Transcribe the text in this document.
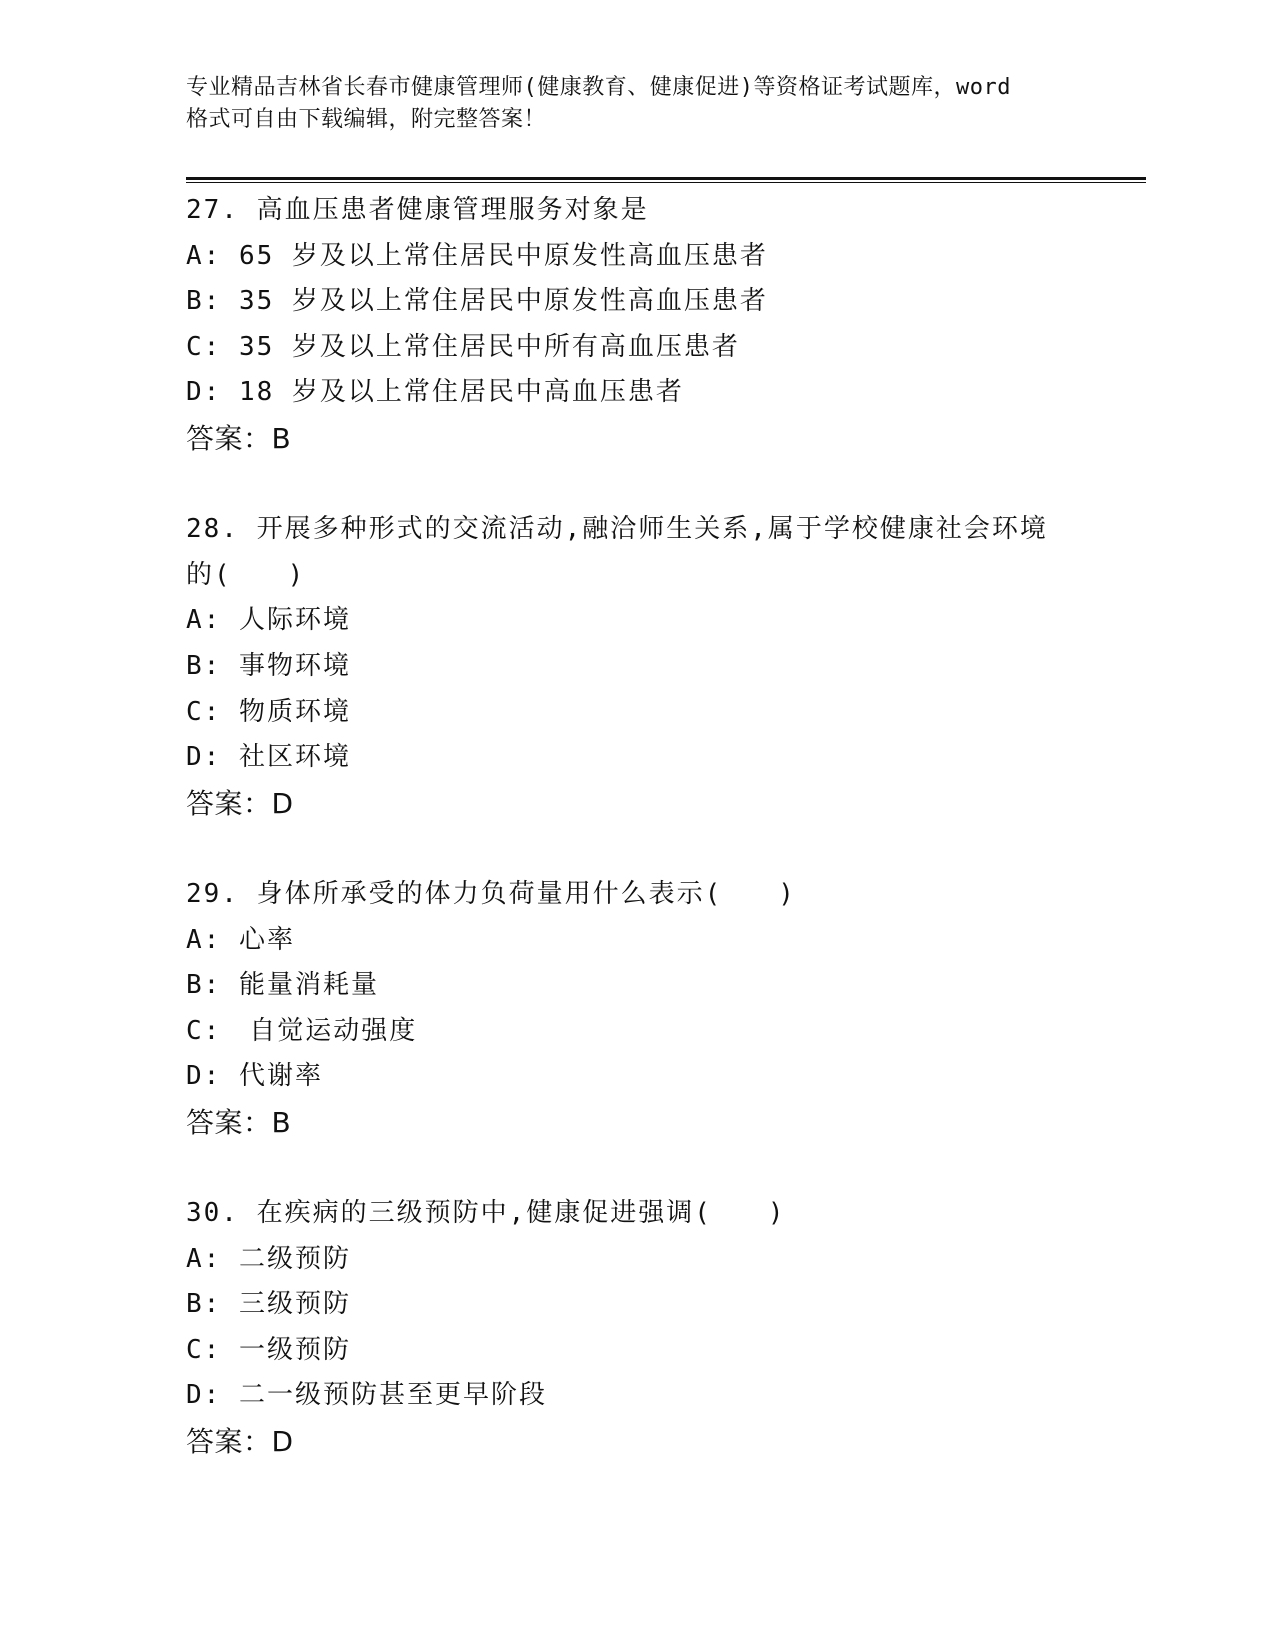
专业精品吉林省长春市健康管理师(健康教育、健康促进)等资格证考试题库，word
格式可自由下载编辑，附完整答案！
27. 高血压患者健康管理服务对象是
A: 65 岁及以上常住居民中原发性高血压患者
B: 35 岁及以上常住居民中原发性高血压患者
C: 35 岁及以上常住居民中所有高血压患者
D: 18 岁及以上常住居民中高血压患者
答案：B
28. 开展多种形式的交流活动,融洽师生关系,属于学校健康社会环境
的(　　)
A: 人际环境
B: 事物环境
C: 物质环境
D: 社区环境
答案：D
29. 身体所承受的体力负荷量用什么表示(　　)
A: 心率
B: 能量消耗量
C:　自觉运动强度
D: 代谢率
答案：B
30. 在疾病的三级预防中,健康促进强调(　　)
A: 二级预防
B: 三级预防
C: 一级预防
D: 二一级预防甚至更早阶段
答案：D
